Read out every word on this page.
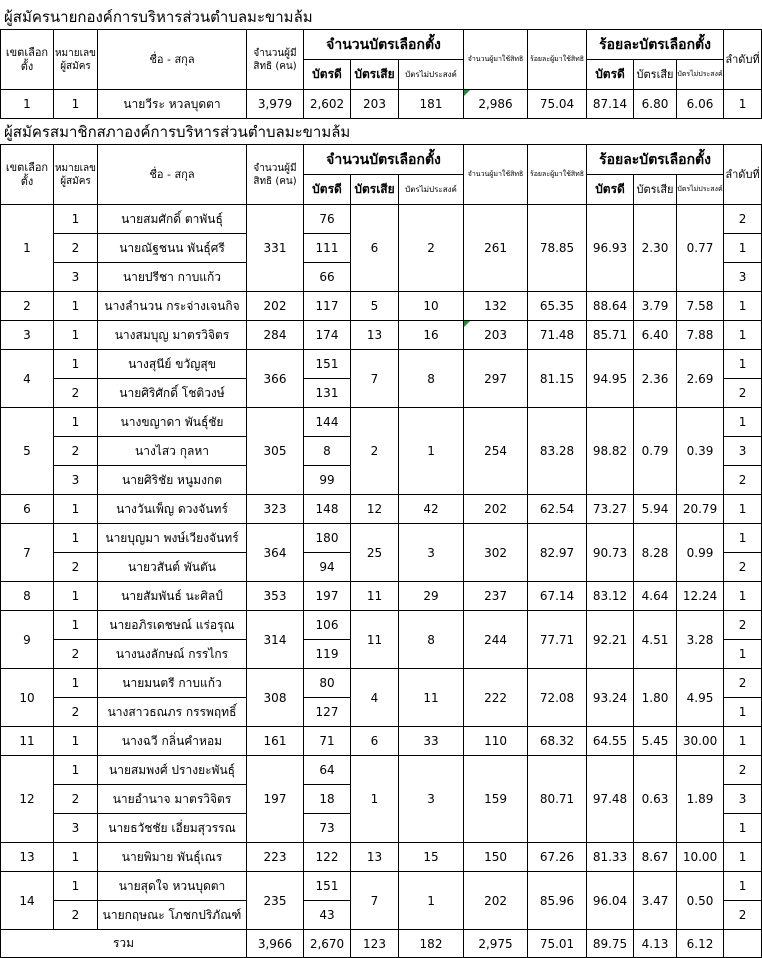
ผู้สมัครนายกองค์การบริหารส่วนตำบลมะขามล้ม
เขตเลือกตั้ง	หมายเลขผู้สมัคร	ชื่อ - สกุล	จำนวนผู้มีสิทธิ (คน)	จำนวนบัตรเลือกตั้ง			จำนวนผู้มาใช้สิทธิ	ร้อยละผู้มาใช้สิทธิ	ร้อยละบัตรเลือกตั้ง			ลำดับที่
				บัตรดี	บัตรเสีย	บัตรไม่ประสงค์			บัตรดี	บัตรเสีย	บัตรไม่ประสงค์	
1	1	นายวีระ หวลบุดตา	3,979	2,602	203	181	2,986	75.04	87.14	6.80	6.06	1
ผู้สมัครสมาชิกสภาองค์การบริหารส่วนตำบลมะขามล้ม
เขตเลือกตั้ง	หมายเลขผู้สมัคร	ชื่อ - สกุล	จำนวนผู้มีสิทธิ (คน)	จำนวนบัตรเลือกตั้ง			จำนวนผู้มาใช้สิทธิ	ร้อยละผู้มาใช้สิทธิ	ร้อยละบัตรเลือกตั้ง			ลำดับที่
				บัตรดี	บัตรเสีย	บัตรไม่ประสงค์			บัตรดี	บัตรเสีย	บัตรไม่ประสงค์	
1	1	นายสมศักดิ์ ตาพันธุ์	331	76	6	2	261	78.85	96.93	2.30	0.77	2
	2	นายณัฐชนน พันธุ์ศรี		111								1
	3	นายปรีชา กาบแก้ว		66								3
2	1	นางลำนวน กระจ่างเจนกิจ	202	117	5	10	132	65.35	88.64	3.79	7.58	1
3	1	นางสมบุญ มาตรวิจิตร	284	174	13	16	203	71.48	85.71	6.40	7.88	1
4	1	นางสุนีย์ ขวัญสุข	366	151	7	8	297	81.15	94.95	2.36	2.69	1
	2	นายศิริศักดิ์ โชติวงษ์		131								2
5	1	นางขญาดา พันธุ์ชัย	305	144	2	1	254	83.28	98.82	0.79	0.39	1
	2	นางไสว กุลหา		8								3
	3	นายศิริชัย หนูมงกต		99								2
6	1	นางวันเพ็ญ ดวงจันทร์	323	148	12	42	202	62.54	73.27	5.94	20.79	1
7	1	นายบุญมา พงษ์เวียงจันทร์	364	180	25	3	302	82.97	90.73	8.28	0.99	1
	2	นายวสันต์ พันตัน		94								2
8	1	นายสัมพันธ์ นะศิลป์	353	197	11	29	237	67.14	83.12	4.64	12.24	1
9	1	นายอภิรเดชษณ์ แร่อรุณ	314	106	11	8	244	77.71	92.21	4.51	3.28	2
	2	นางนงลักษณ์ กรรไกร		119								1
10	1	นายมนตรี กาบแก้ว	308	80	4	11	222	72.08	93.24	1.80	4.95	2
	2	นางสาวธณภร กรรพฤทธิ์		127								1
11	1	นางฉวี กลิ่นคำหอม	161	71	6	33	110	68.32	64.55	5.45	30.00	1
12	1	นายสมพงศ์ ปรางยะพันธุ์	197	64	1	3	159	80.71	97.48	0.63	1.89	2
	2	นายอำนาจ มาตรวิจิตร		18								3
	3	นายธวัชชัย เอี่ยมสุวรรณ		73								1
13	1	นายพิมาย พันธุ์เณร	223	122	13	15	150	67.26	81.33	8.67	10.00	1
14	1	นายสุดใจ หวนบุดตา	235	151	7	1	202	85.96	96.04	3.47	0.50	1
	2	นายกฤษณะ โภชกปริภัณฑ์		43								2
รวม			3,966	2,670	123	182	2,975	75.01	89.75	4.13	6.12	
